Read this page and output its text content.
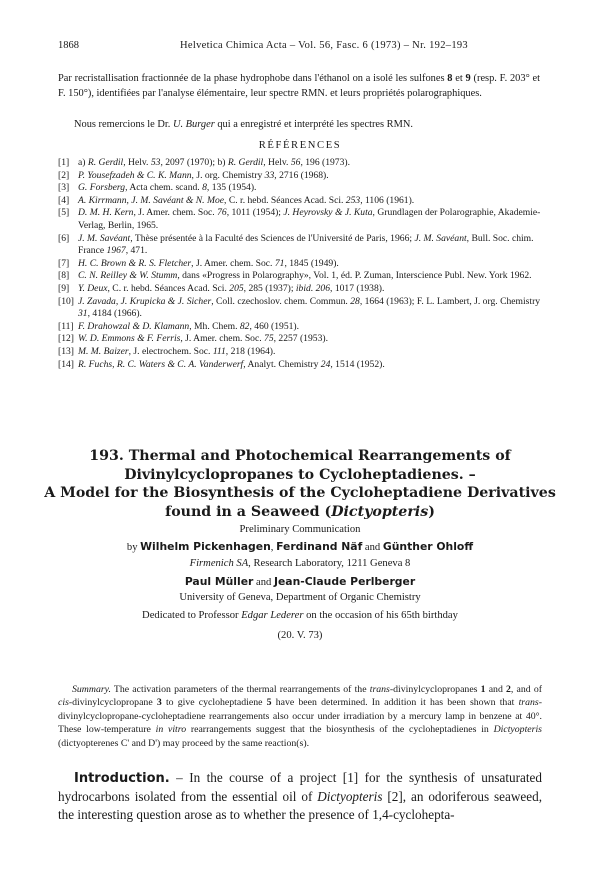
1868	Helvetica Chimica Acta – Vol. 56, Fasc. 6 (1973) – Nr. 192–193
Par recristallisation fractionnée de la phase hydrophobe dans l'éthanol on a isolé les sulfones 8 et 9 (resp. F. 203° et F. 150°), identifiées par l'analyse élémentaire, leur spectre RMN. et leurs propriétés polarographiques.
Nous remercions le Dr. U. Burger qui a enregistré et interprété les spectres RMN.
RÉFÉRENCES
[1] a) R. Gerdil, Helv. 53, 2097 (1970); b) R. Gerdil, Helv. 56, 196 (1973).
[2] P. Yousefzadeh & C. K. Mann, J. org. Chemistry 33, 2716 (1968).
[3] G. Forsberg, Acta chem. scand. 8, 135 (1954).
[4] A. Kirrmann, J. M. Savéant & N. Moe, C. r. hebd. Séances Acad. Sci. 253, 1106 (1961).
[5] D. M. H. Kern, J. Amer. chem. Soc. 76, 1011 (1954); J. Heyrovsky & J. Kuta, Grundlagen der Polarographie, Akademie-Verlag, Berlin, 1965.
[6] J. M. Savéant, Thèse présentée à la Faculté des Sciences de l'Université de Paris, 1966; J. M. Savéant, Bull. Soc. chim. France 1967, 471.
[7] H. C. Brown & R. S. Fletcher, J. Amer. chem. Soc. 71, 1845 (1949).
[8] C. N. Reilley & W. Stumm, dans «Progress in Polarography», Vol. 1, éd. P. Zuman, Interscience Publ. New. York 1962.
[9] Y. Deux, C. r. hebd. Séances Acad. Sci. 205, 285 (1937); ibid. 206, 1017 (1938).
[10] J. Zavada, J. Krupicka & J. Sicher, Coll. czechoslov. chem. Commun. 28, 1664 (1963); F. L. Lambert, J. org. Chemistry 31, 4184 (1966).
[11] F. Drahowzal & D. Klamann, Mh. Chem. 82, 460 (1951).
[12] W. D. Emmons & F. Ferris, J. Amer. chem. Soc. 75, 2257 (1953).
[13] M. M. Baizer, J. electrochem. Soc. 111, 218 (1964).
[14] R. Fuchs, R. C. Waters & C. A. Vanderwerf, Analyt. Chemistry 24, 1514 (1952).
193. Thermal and Photochemical Rearrangements of
Divinylcyclopropanes to Cycloheptadienes. –
A Model for the Biosynthesis of the Cycloheptadiene Derivatives
found in a Seaweed (Dictyopteris)
Preliminary Communication
by Wilhelm Pickenhagen, Ferdinand Näf and Günther Ohloff
Firmenich SA, Research Laboratory, 1211 Geneva 8
Paul Müller and Jean-Claude Perlberger
University of Geneva, Department of Organic Chemistry
Dedicated to Professor Edgar Lederer on the occasion of his 65th birthday
(20. V. 73)
Summary. The activation parameters of the thermal rearrangements of the trans-divinylcyclopropanes 1 and 2, and of cis-divinylcyclopropane 3 to give cycloheptadiene 5 have been determined. In addition it has been shown that trans-divinylcyclopropane-cycloheptadiene rearrangements also occur under irradiation by a mercury lamp in benzene at 40°. These low-temperature in vitro rearrangements suggest that the biosynthesis of the cycloheptadienes in Dictyopteris (dictyopterenes C' and D') may proceed by the same reaction(s).
Introduction. – In the course of a project [1] for the synthesis of unsaturated hydrocarbons isolated from the essential oil of Dictyopteris [2], an odoriferous seaweed, the interesting question arose as to whether the presence of 1,4-cyclohepta-
